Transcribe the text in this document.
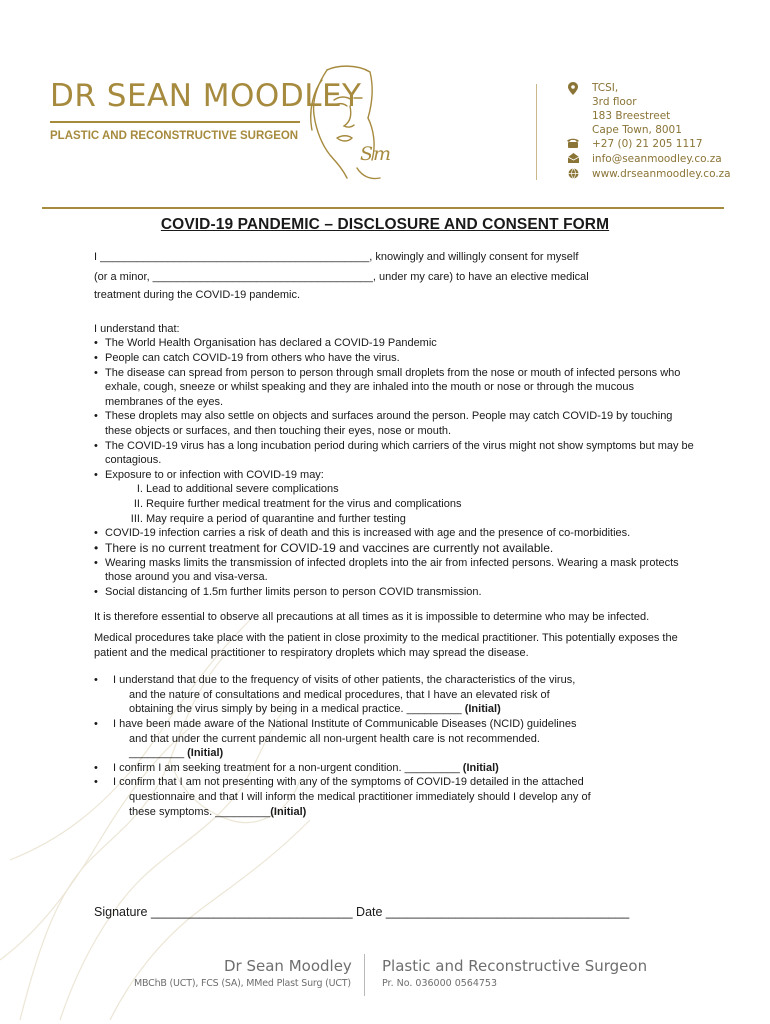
DR SEAN MOODLEY
PLASTIC AND RECONSTRUCTIVE SURGEON
Sm
TCSI,
3rd floor
183 Breestreet
Cape Town, 8001
+27 (0) 21 205 1117
info@seanmoodley.co.za
www.drseanmoodley.co.za
COVID-19 PANDEMIC – DISCLOSURE AND CONSENT FORM

I ____________________________________________, knowingly and willingly consent for myself

(or a minor, ____________________________________, under my care) to have an elective medical

treatment during the COVID-19 pandemic.

I understand that:

• The World Health Organisation has declared a COVID-19 Pandemic
• People can catch COVID-19 from others who have the virus.
• The disease can spread from person to person through small droplets from the nose or mouth of infected persons who exhale, cough, sneeze or whilst speaking and they are inhaled into the mouth or nose or through the mucous membranes of the eyes.
• These droplets may also settle on objects and surfaces around the person. People may catch COVID-19 by touching these objects or surfaces, and then touching their eyes, nose or mouth.
• The COVID-19 virus has a long incubation period during which carriers of the virus might not show symptoms but may be contagious.
• Exposure to or infection with COVID-19 may:
I. Lead to additional severe complications
II. Require further medical treatment for the virus and complications
III. May require a period of quarantine and further testing
• COVID-19 infection carries a risk of death and this is increased with age and the presence of co-morbidities.
• There is no current treatment for COVID-19 and vaccines are currently not available.
• Wearing masks limits the transmission of infected droplets into the air from infected persons. Wearing a mask protects those around you and visa-versa.
• Social distancing of 1.5m further limits person to person COVID transmission.

It is therefore essential to observe all precautions at all times as it is impossible to determine who may be infected.

Medical procedures take place with the patient in close proximity to the medical practitioner. This potentially exposes the patient and the medical practitioner to respiratory droplets which may spread the disease.

•	I understand that due to the frequency of visits of other patients, the characteristics of the virus,
and the nature of consultations and medical procedures, that I have an elevated risk of
obtaining the virus simply by being in a medical practice. _________ (Initial)
•	I have been made aware of the National Institute of Communicable Diseases (NCID) guidelines
and that under the current pandemic all non-urgent health care is not recommended.
_________ (Initial)
•	I confirm I am seeking treatment for a non-urgent condition. _________ (Initial)
•	I confirm that I am not presenting with any of the symptoms of COVID-19 detailed in the attached
questionnaire and that I will inform the medical practitioner immediately should I develop any of
these symptoms. _________(Initial)
Signature _____________________________ Date ___________________________________
Dr Sean Moodley
MBChB (UCT), FCS (SA), MMed Plast Surg (UCT)
Plastic and Reconstructive Surgeon
Pr. No. 036000 0564753
